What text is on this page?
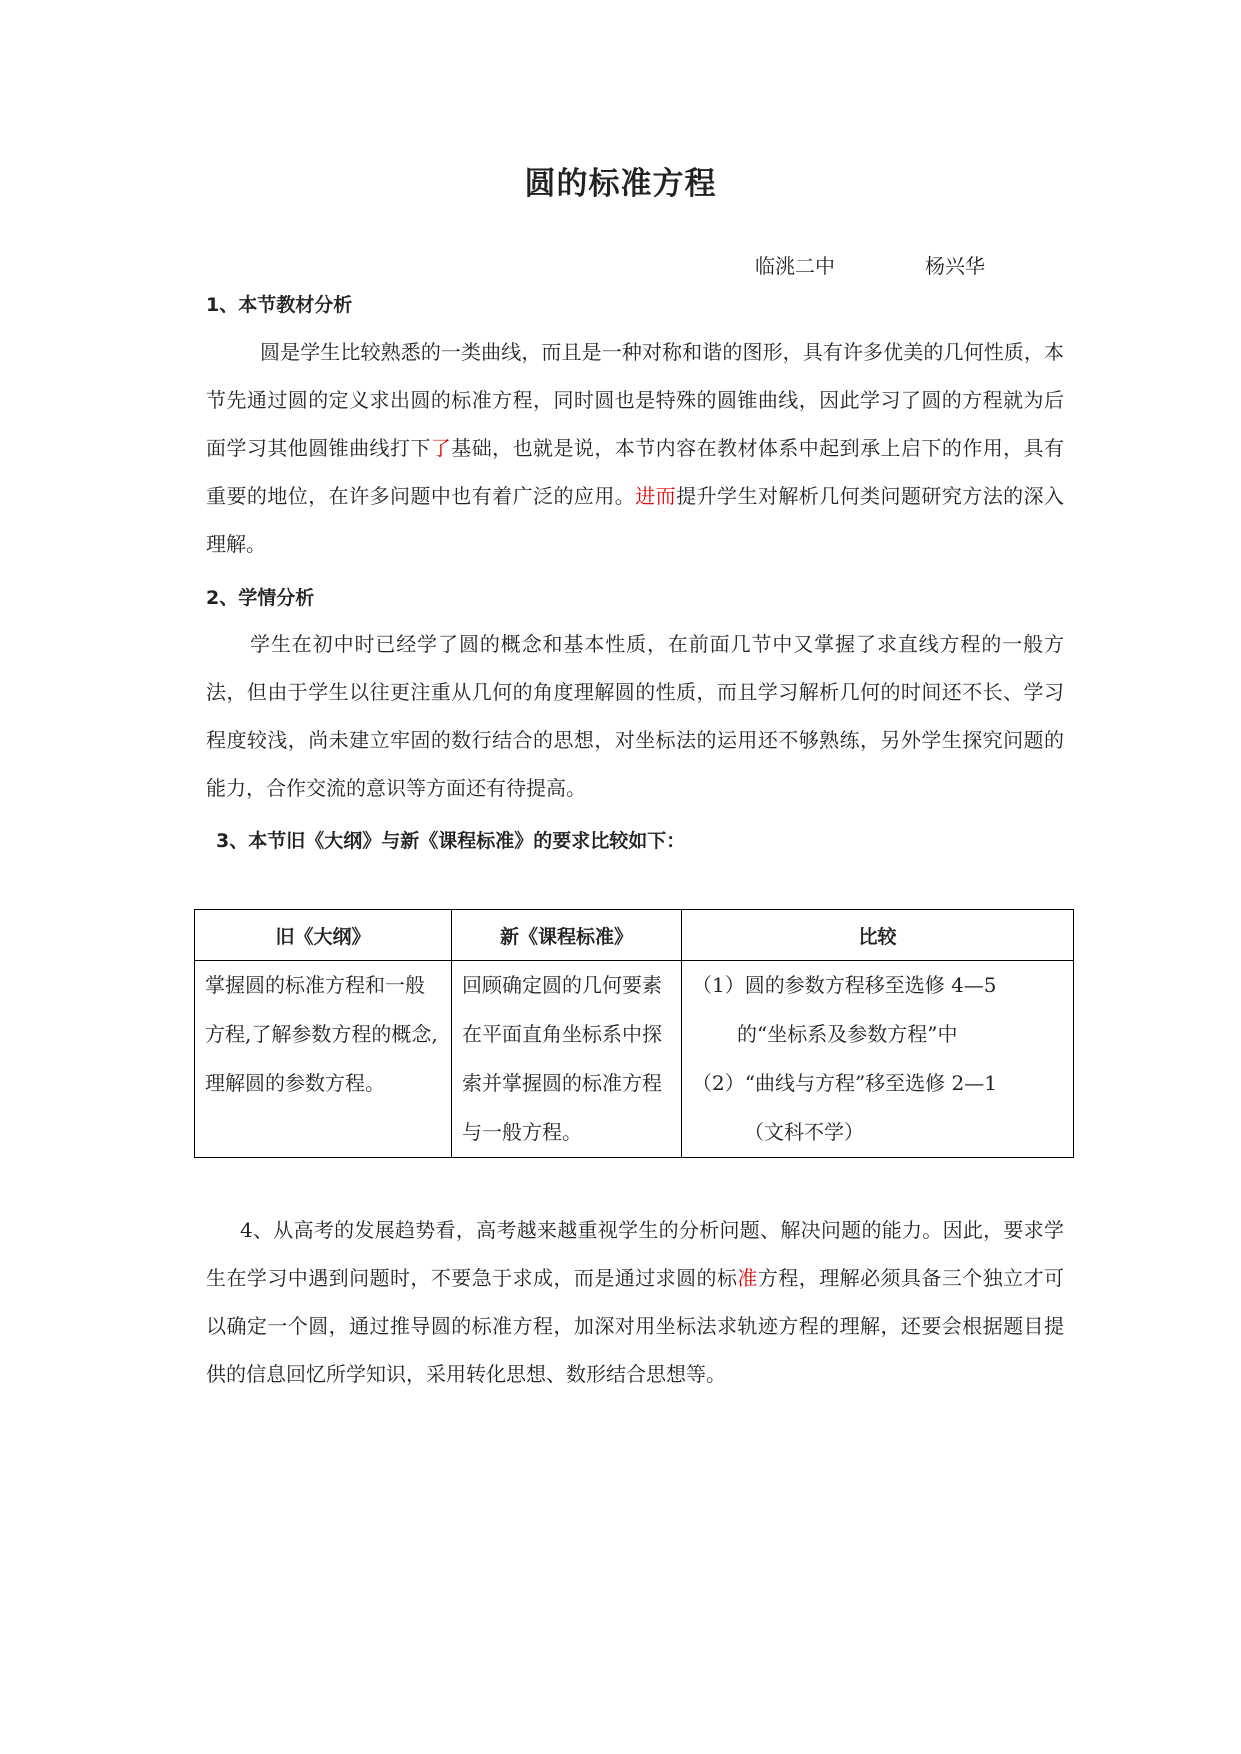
圆的标准方程
临洮二中	杨兴华
1、本节教材分析

圆是学生比较熟悉的一类曲线，而且是一种对称和谐的图形，具有许多优美的几何性质，本节先通过圆的定义求出圆的标准方程，同时圆也是特殊的圆锥曲线，因此学习了圆的方程就为后面学习其他圆锥曲线打下了基础，也就是说，本节内容在教材体系中起到承上启下的作用，具有重要的地位，在许多问题中也有着广泛的应用。进而提升学生对解析几何类问题研究方法的深入理解。

2、学情分析

学生在初中时已经学了圆的概念和基本性质，在前面几节中又掌握了求直线方程的一般方法，但由于学生以往更注重从几何的角度理解圆的性质，而且学习解析几何的时间还不长、学习程度较浅，尚未建立牢固的数行结合的思想，对坐标法的运用还不够熟练，另外学生探究问题的能力，合作交流的意识等方面还有待提高。

3、本节旧《大纲》与新《课程标准》的要求比较如下：
旧《大纲》	新《课程标准》	比较
掌握圆的标准方程和一般方程,了解参数方程的概念,理解圆的参数方程。	回顾确定圆的几何要素在平面直角坐标系中探索并掌握圆的标准方程与一般方程。	（1）圆的参数方程移至选修 4—5
的“坐标系及参数方程”中
（2）“曲线与方程”移至选修 2—1
（文科不学）

4、从高考的发展趋势看，高考越来越重视学生的分析问题、解决问题的能力。因此，要求学生在学习中遇到问题时，不要急于求成，而是通过求圆的标准方程，理解必须具备三个独立才可以确定一个圆，通过推导圆的标准方程，加深对用坐标法求轨迹方程的理解，还要会根据题目提供的信息回忆所学知识，采用转化思想、数形结合思想等。
